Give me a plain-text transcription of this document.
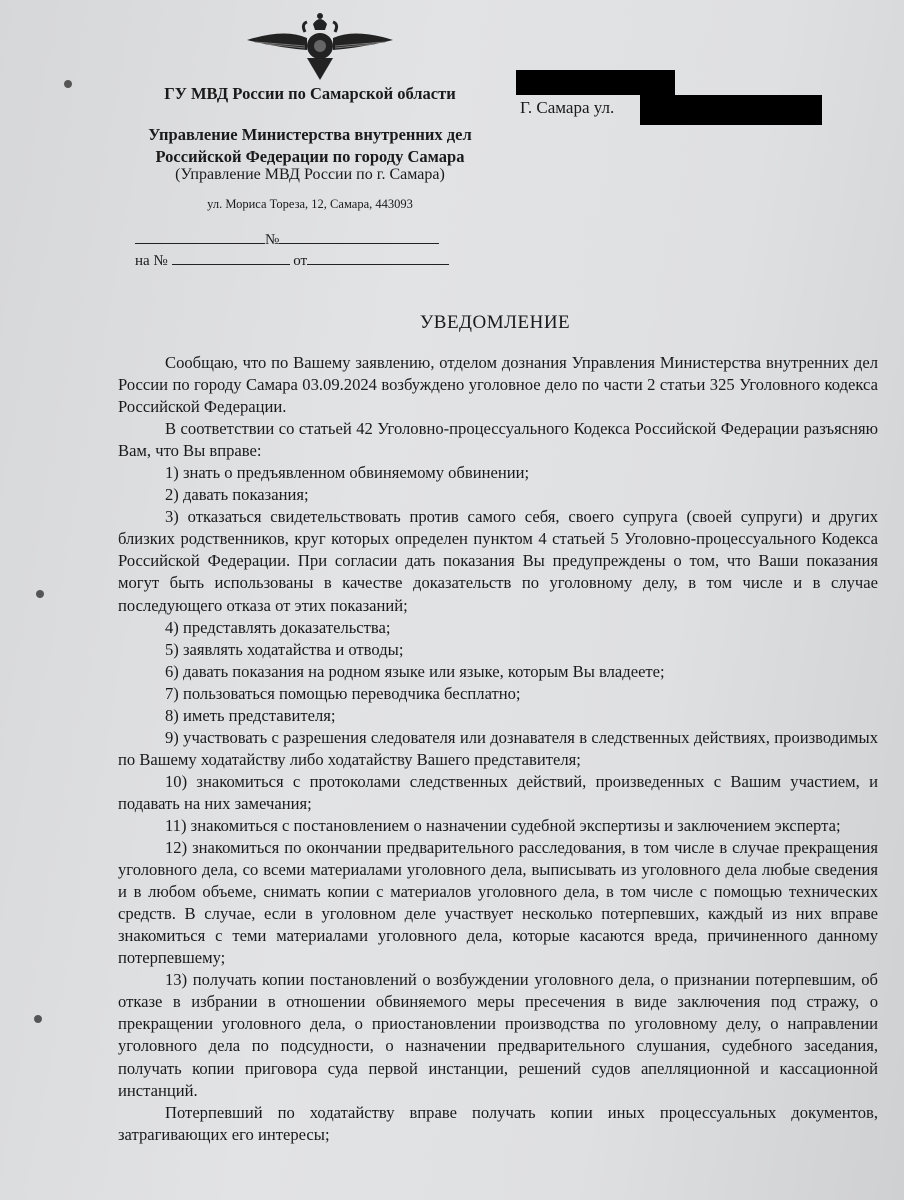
ГУ МВД России по Самарской области
Управление Министерства внутренних дел
Российской Федерации по городу Самара
(Управление МВД России по г. Самара)
ул. Мориса Тореза, 12, Самара, 443093
№
на №	от
Г. Самара ул.
УВЕДОМЛЕНИЕ

Сообщаю, что по Вашему заявлению, отделом дознания Управления Министерства внутренних дел России по городу Самара 03.09.2024 возбуждено уголовное дело по части 2 статьи 325 Уголовного кодекса Российской Федерации.

В соответствии со статьей 42 Уголовно-процессуального Кодекса Российской Федерации разъясняю Вам, что Вы вправе:

1) знать о предъявленном обвиняемому обвинении;

2) давать показания;

3) отказаться свидетельствовать против самого себя, своего супруга (своей супруги) и других близких родственников, круг которых определен пунктом 4 статьей 5 Уголовно-процессуального Кодекса Российской Федерации. При согласии дать показания Вы предупреждены о том, что Ваши показания могут быть использованы в качестве доказательств по уголовному делу, в том числе и в случае последующего отказа от этих показаний;

4) представлять доказательства;

5) заявлять ходатайства и отводы;

6) давать показания на родном языке или языке, которым Вы владеете;

7) пользоваться помощью переводчика бесплатно;

8) иметь представителя;

9) участвовать с разрешения следователя или дознавателя в следственных действиях, производимых по Вашему ходатайству либо ходатайству Вашего представителя;

10) знакомиться с протоколами следственных действий, произведенных с Вашим участием, и подавать на них замечания;

11) знакомиться с постановлением о назначении судебной экспертизы и заключением эксперта;

12) знакомиться по окончании предварительного расследования, в том числе в случае прекращения уголовного дела, со всеми материалами уголовного дела, выписывать из уголовного дела любые сведения и в любом объеме, снимать копии с материалов уголовного дела, в том числе с помощью технических средств. В случае, если в уголовном деле участвует несколько потерпевших, каждый из них вправе знакомиться с теми материалами уголовного дела, которые касаются вреда, причиненного данному потерпевшему;

13) получать копии постановлений о возбуждении уголовного дела, о признании потерпевшим, об отказе в избрании в отношении обвиняемого меры пресечения в виде заключения под стражу, о прекращении уголовного дела, о приостановлении производства по уголовному делу, о направлении уголовного дела по подсудности, о назначении предварительного слушания, судебного заседания, получать копии приговора суда первой инстанции, решений судов апелляционной и кассационной инстанций.

Потерпевший по ходатайству вправе получать копии иных процессуальных документов, затрагивающих его интересы;
